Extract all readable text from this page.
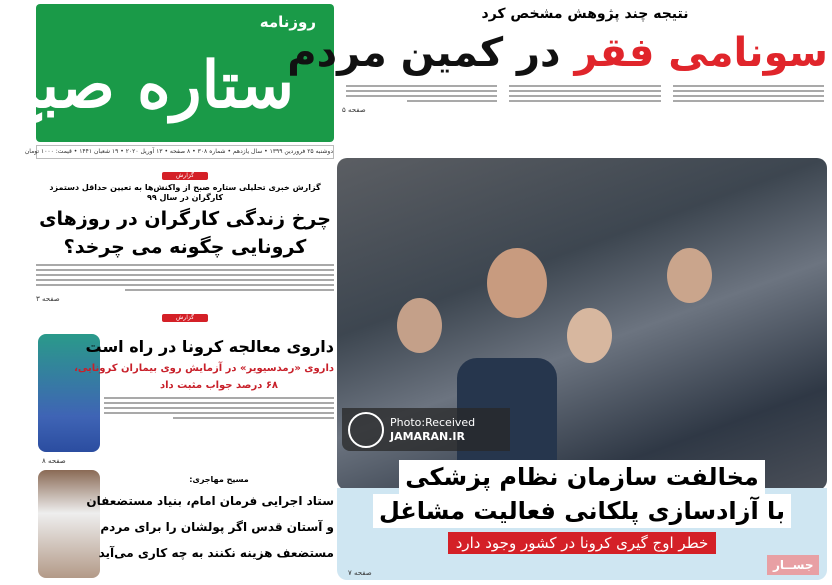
روزنامه
ستاره صبح
دوشنبه ۲۵ فروردین ۱۳۹۹ • سال یازدهم • شماره ۳۰۸ • ۸ صفحه • ۱۳ آوریل ۲۰۲۰ • ۱۹ شعبان ۱۴۴۱ • قیمت: ۱۰۰۰ تومان
نتیجه چند پژوهش مشخص کرد
سونامی فقر در کمین مردم
صفحه ۵
مخالفت سازمان نظام پزشکی
با آزادسازی پلکانی فعالیت مشاغل
خطر اوج گیری کرونا در کشور وجود دارد
صفحه ۷
جســار
گزارش
گزارش خبری تحلیلی ستاره صبح از واکنش‌ها به تعیین حداقل دستمزد کارگران در سال ۹۹
چرخ زندگی کارگران در روزهای
کرونایی چگونه می چرخد؟
صفحه ۳
گزارش
داروی معالجه کرونا در راه است
داروی «رمدسیویر» در آزمایش روی بیماران کرونایی،
۶۸ درصد جواب مثبت داد
صفحه ۸
مسیح مهاجری:
ستاد اجرایی فرمان امام، بنیاد مستضعفان
و آستان قدس اگر پولشان را برای مردم
مستضعف هزینه نکنند به چه کاری می‌آید
Photo:Received
JAMARAN.IR
